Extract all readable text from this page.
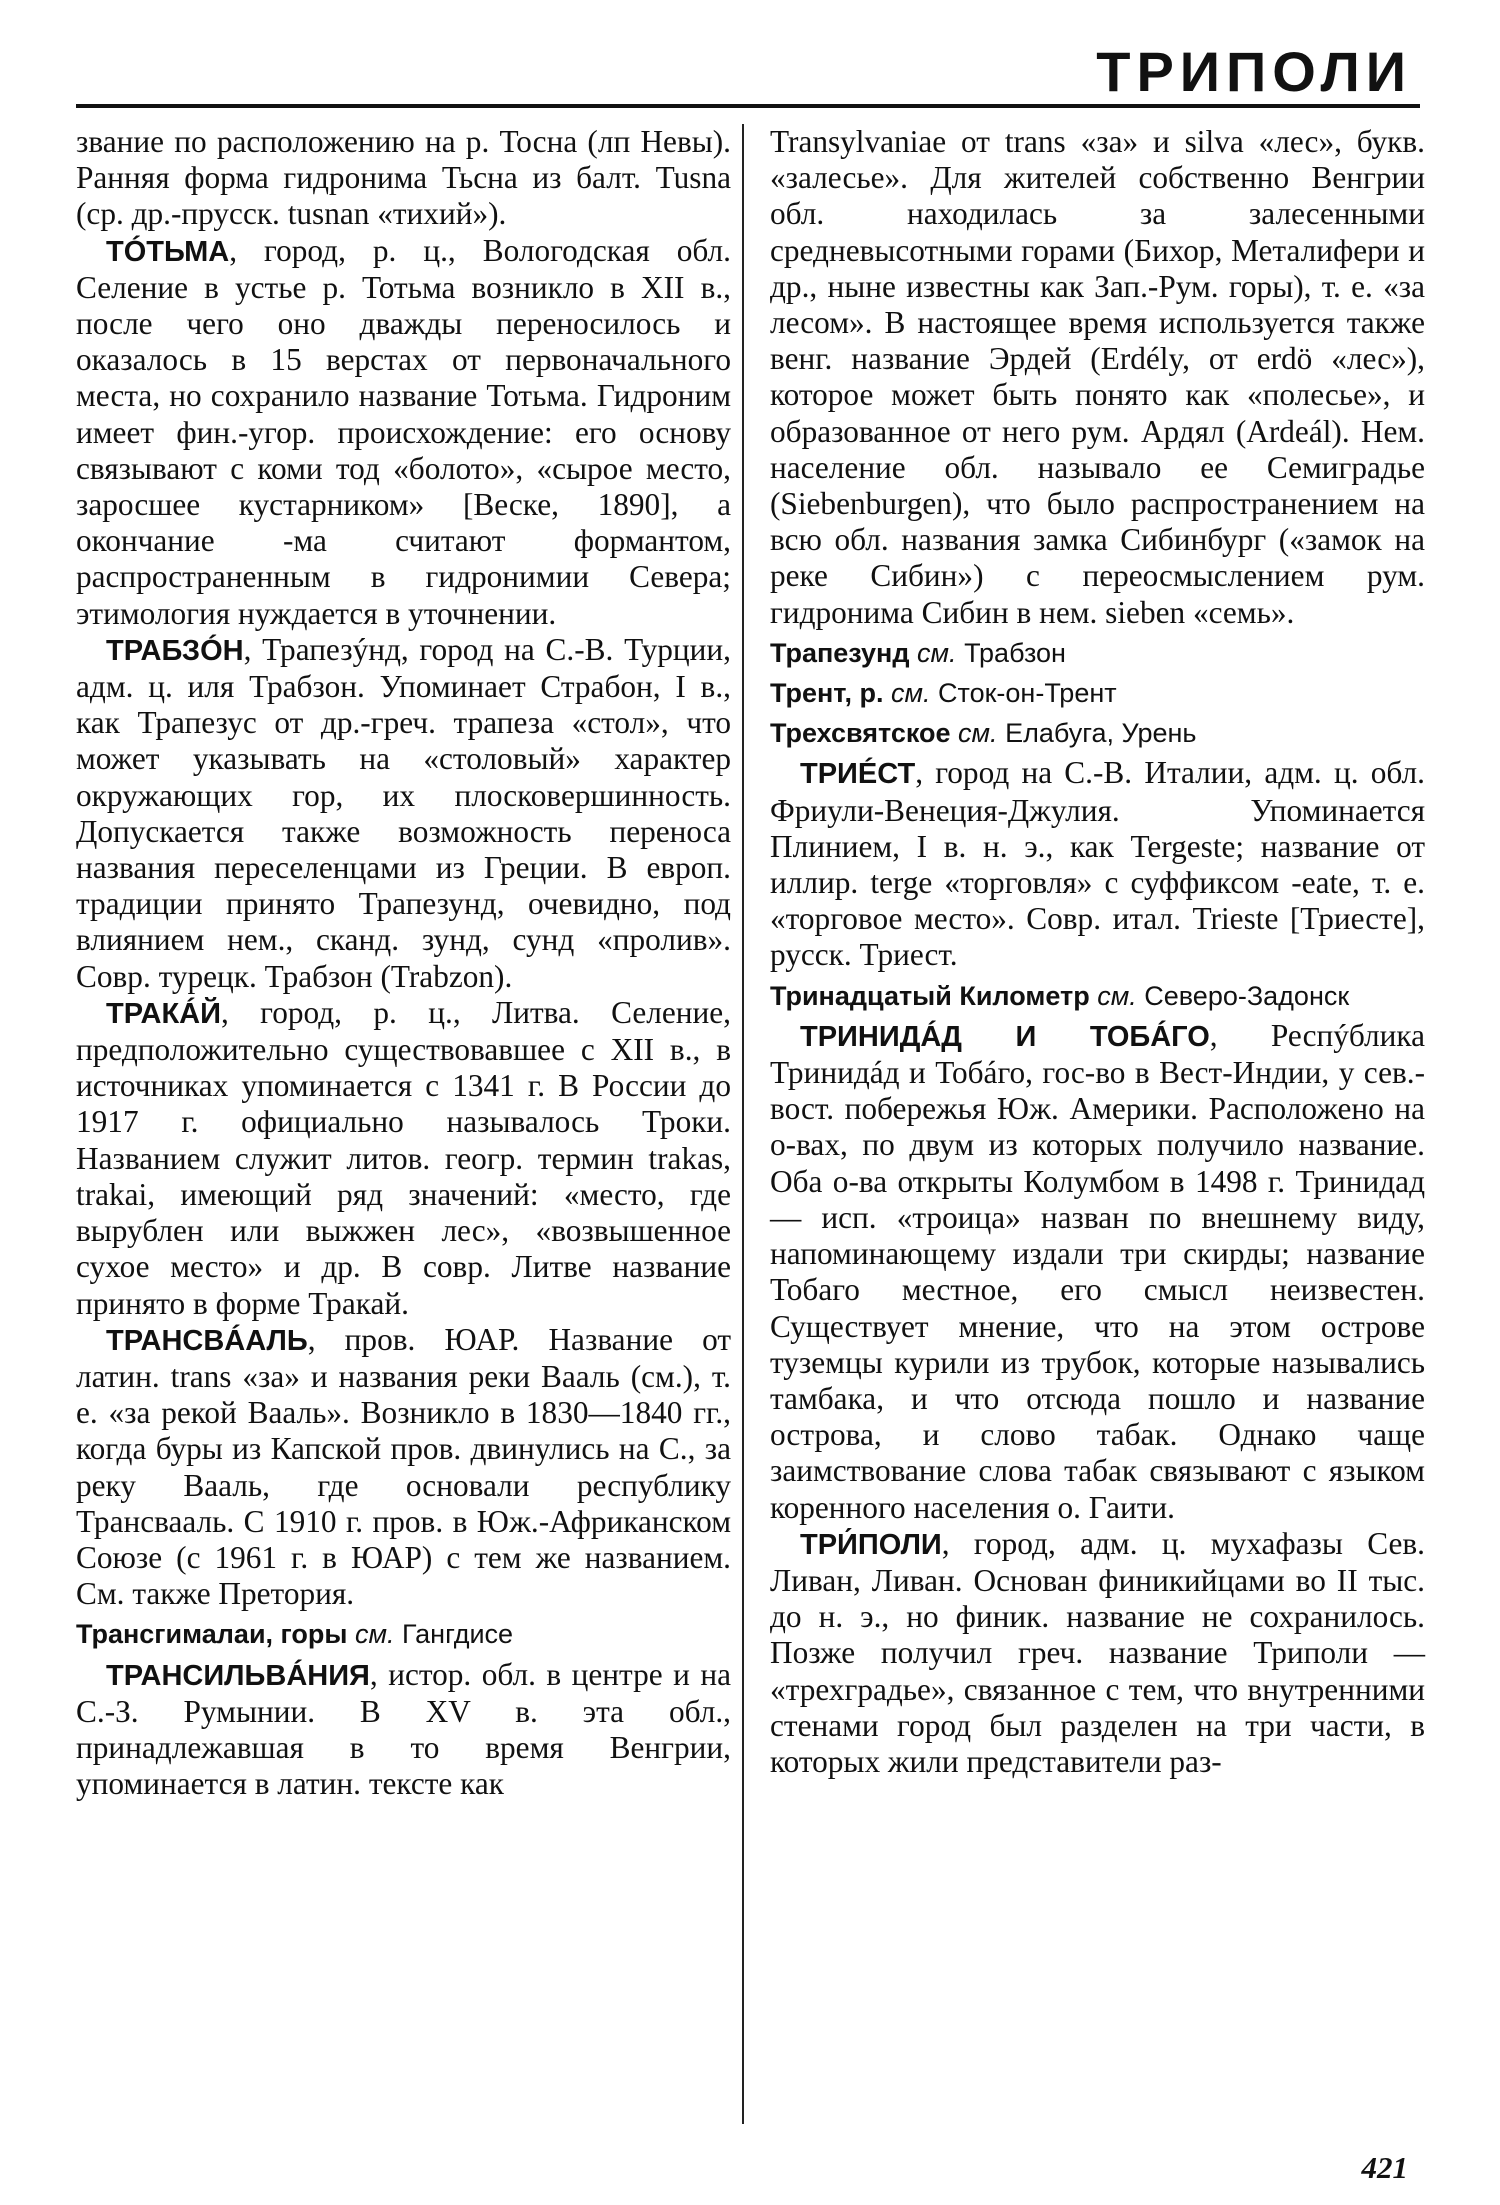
ТРИПОЛИ

звание по расположению на р. Тосна (лп Невы). Ранняя форма гидронима Тьсна из балт. Tusna (ср. др.-прусск. tusnan «тихий»).

ТÓТЬМА, город, р. ц., Вологодская обл. Селение в устье р. Тотьма возникло в XII в., после чего оно дважды переносилось и оказалось в 15 верстах от первоначального места, но сохранило название Тотьма. Гидроним имеет фин.-угор. происхождение: его основу связывают с коми тод «болото», «сырое место, заросшее кустарником» [Веске, 1890], а окончание -ма считают формантом, распространенным в гидронимии Севера; этимология нуждается в уточнении.

ТРАБЗÓН, Трапезýнд, город на С.-В. Турции, адм. ц. иля Трабзон. Упоминает Страбон, I в., как Трапезус от др.-греч. трапеза «стол», что может указывать на «столовый» характер окружающих гор, их плосковершинность. Допускается также возможность переноса названия переселенцами из Греции. В европ. традиции принято Трапезунд, очевидно, под влиянием нем., сканд. зунд, сунд «пролив». Совр. турецк. Трабзон (Trabzon).

ТРАКÁЙ, город, р. ц., Литва. Селение, предположительно существовавшее с XII в., в источниках упоминается с 1341 г. В России до 1917 г. официально называлось Троки. Названием служит литов. геогр. термин trakas, trakai, имеющий ряд значений: «место, где вырублен или выжжен лес», «возвышенное сухое место» и др. В совр. Литве название принято в форме Тракай.

ТРАНСВÁАЛЬ, пров. ЮАР. Название от латин. trans «за» и названия реки Вааль (см.), т. е. «за рекой Вааль». Возникло в 1830—1840 гг., когда буры из Капской пров. двинулись на С., за реку Вааль, где основали республику Трансвааль. С 1910 г. пров. в Юж.-Африканском Союзе (с 1961 г. в ЮАР) с тем же названием. См. также Претория.

Трансгималаи, горы см. Гангдисе

ТРАНСИЛЬВÁНИЯ, истор. обл. в центре и на С.-З. Румынии. В XV в. эта обл., принадлежавшая в то время Венгрии, упоминается в латин. тексте как

Transylvaniae от trans «за» и silva «лес», букв. «залесье». Для жителей собственно Венгрии обл. находилась за залесенными средневысотными горами (Бихор, Металифери и др., ныне известны как Зап.-Рум. горы), т. е. «за лесом». В настоящее время используется также венг. название Эрдей (Erdély, от erdö «лес»), которое может быть понято как «полесье», и образованное от него рум. Ардял (Ardeál). Нем. население обл. называло ее Семиградье (Siebenburgen), что было распространением на всю обл. названия замка Сибинбург («замок на реке Сибин») с переосмыслением рум. гидронима Сибин в нем. sieben «семь».

Трапезунд см. Трабзон

Трент, р. см. Сток-он-Трент

Трехсвятское см. Елабуга, Урень

ТРИÉСТ, город на С.-В. Италии, адм. ц. обл. Фриули-Венеция-Джулия. Упоминается Плинием, I в. н. э., как Tergeste; название от иллир. terge «торговля» с суффиксом -eate, т. е. «торговое место». Совр. итал. Trieste [Триесте], русск. Триест.

Тринадцатый Километр см. Северо-Задонск

ТРИНИДÁД И ТОБÁГО, Респýблика Тринидáд и Тобáго, гос-во в Вест-Индии, у сев.-вост. побережья Юж. Америки. Расположено на о-вах, по двум из которых получило название. Оба о-ва открыты Колумбом в 1498 г. Тринидад — исп. «троица» назван по внешнему виду, напоминающему издали три скирды; название Тобаго местное, его смысл неизвестен. Существует мнение, что на этом острове туземцы курили из трубок, которые назывались тамбака, и что отсюда пошло и название острова, и слово табак. Однако чаще заимствование слова табак связывают с языком коренного населения о. Гаити.

ТРИ́ПОЛИ, город, адм. ц. мухафазы Сев. Ливан, Ливан. Основан финикийцами во II тыс. до н. э., но финик. название не сохранилось. Позже получил греч. название Триполи — «трехградье», связанное с тем, что внутренними стенами город был разделен на три части, в которых жили представители раз-

421
